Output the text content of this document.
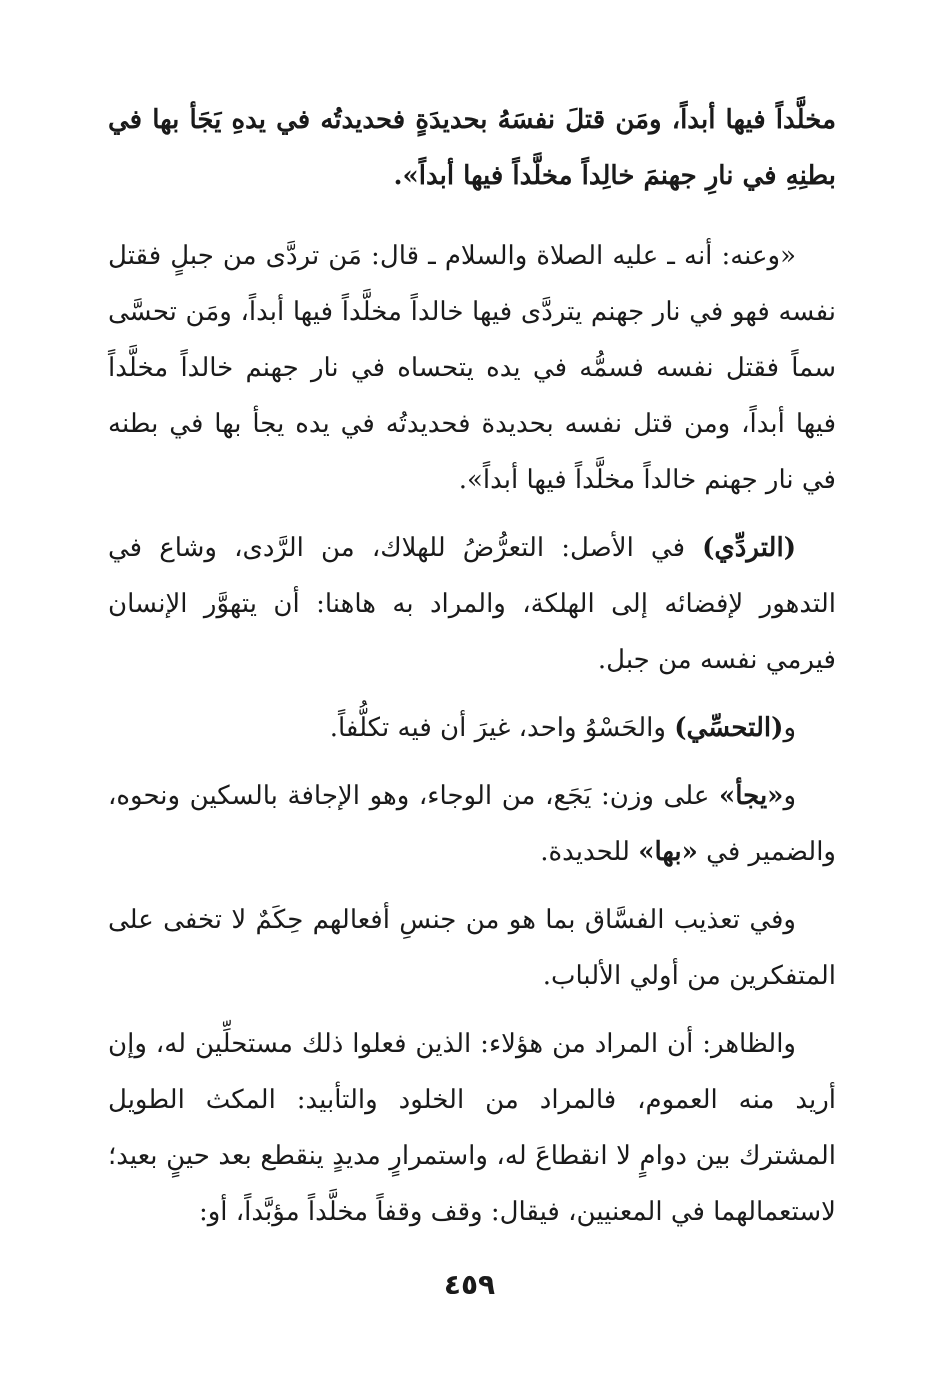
مخلَّداً فيها أبداً، ومَن قتلَ نفسَهُ بحديدَةٍ فحديدتُه في يدهِ يَجَأ بها في بطنِهِ في نارِ جهنمَ خالِداً مخلَّداً فيها أبداً».

«وعنه: أنه ـ عليه الصلاة والسلام ـ قال: مَن تردَّى من جبلٍ فقتل نفسه فهو في نار جهنم يتردَّى فيها خالداً مخلَّداً فيها أبداً، ومَن تحسَّى سماً فقتل نفسه فسمُّه في يده يتحساه في نار جهنم خالداً مخلَّداً فيها أبداً، ومن قتل نفسه بحديدة فحديدتُه في يده يجأ بها في بطنه في نار جهنم خالداً مخلَّداً فيها أبداً».

(التردِّي) في الأصل: التعرُّضُ للهلاك، من الرَّدى، وشاع في التدهور لإفضائه إلى الهلكة، والمراد به هاهنا: أن يتهوَّر الإنسان فيرمي نفسه من جبل.

و(التحسِّي) والحَسْوُ واحد، غيرَ أن فيه تكلُّفاً.

و«يجأ» على وزن: يَجَع، من الوجاء، وهو الإجافة بالسكين ونحوه، والضمير في «بها» للحديدة.

وفي تعذيب الفسَّاق بما هو من جنسِ أفعالهم حِكَمٌ لا تخفى على المتفكرين من أولي الألباب.

والظاهر: أن المراد من هؤلاء: الذين فعلوا ذلك مستحلِّين له، وإن أريد منه العموم، فالمراد من الخلود والتأبيد: المكث الطويل المشترك بين دوامٍ لا انقطاعَ له، واستمرارٍ مديدٍ ينقطع بعد حينٍ بعيد؛ لاستعمالهما في المعنيين، فيقال: وقف وقفاً مخلَّداً مؤبَّداً، أو:

٤٥٩
